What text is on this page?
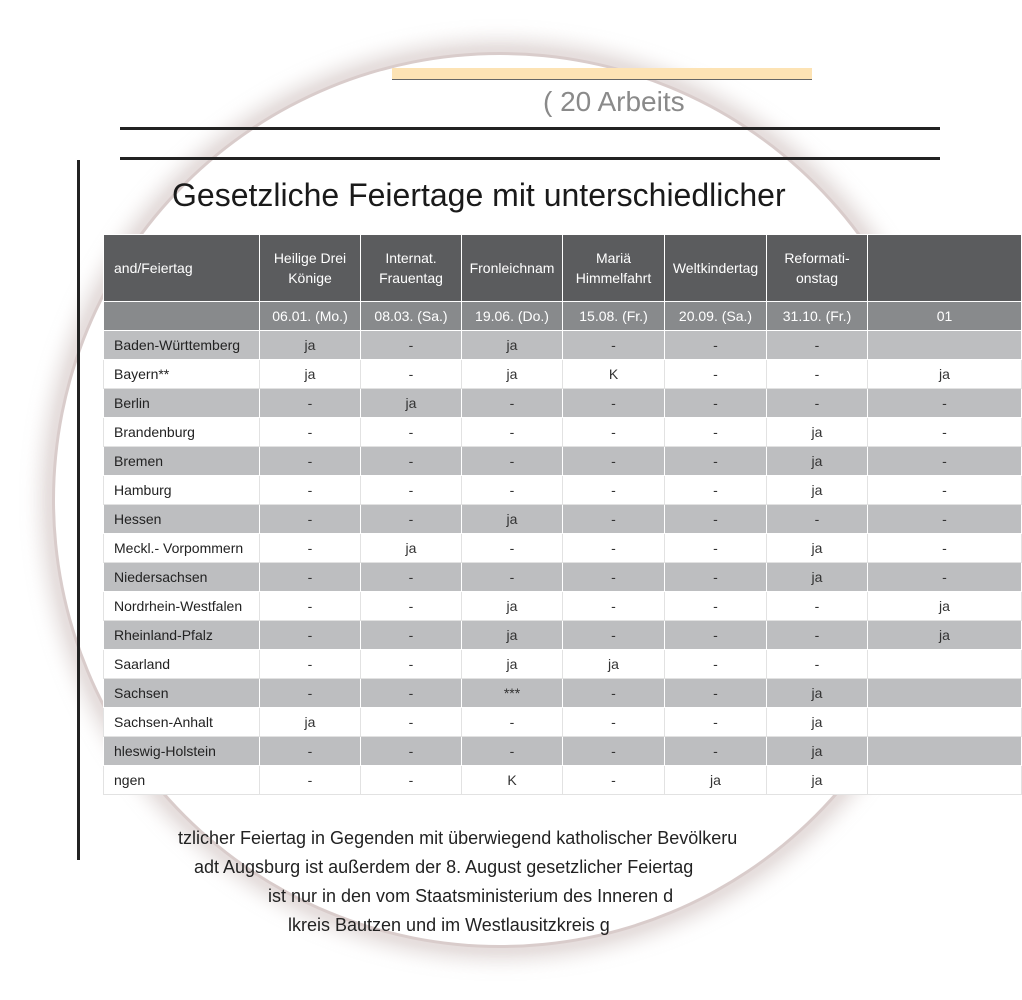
( 20 Arbeits
Gesetzliche Feiertage mit unterschiedlicher
and/Feiertag	Heilige Drei Könige	Internat. Frauentag	Fronleichnam	Mariä Himmelfahrt	Weltkindertag	Reformati- onstag	
	06.01. (Mo.)	08.03. (Sa.)	19.06. (Do.)	15.08. (Fr.)	20.09. (Sa.)	31.10. (Fr.)	01
Baden-Württemberg	ja	-	ja	-	-	-	
Bayern**	ja	-	ja	K	-	-	ja
Berlin	-	ja	-	-	-	-	-
Brandenburg	-	-	-	-	-	ja	-
Bremen	-	-	-	-	-	ja	-
Hamburg	-	-	-	-	-	ja	-
Hessen	-	-	ja	-	-	-	-
Meckl.- Vorpommern	-	ja	-	-	-	ja	-
Niedersachsen	-	-	-	-	-	ja	-
Nordrhein-Westfalen	-	-	ja	-	-	-	ja
Rheinland-Pfalz	-	-	ja	-	-	-	ja
Saarland	-	-	ja	ja	-	-	
Sachsen	-	-	***	-	-	ja	
Sachsen-Anhalt	ja	-	-	-	-	ja	
hleswig-Holstein	-	-	-	-	-	ja	
ngen	-	-	K	-	ja	ja	
tzlicher Feiertag in Gegenden mit überwiegend katholischer Bevölkeru
adt Augsburg ist außerdem der 8. August gesetzlicher Feiertag
ist nur in den vom Staatsministerium des Inneren d
lkreis Bautzen und im Westlausitzkreis g
